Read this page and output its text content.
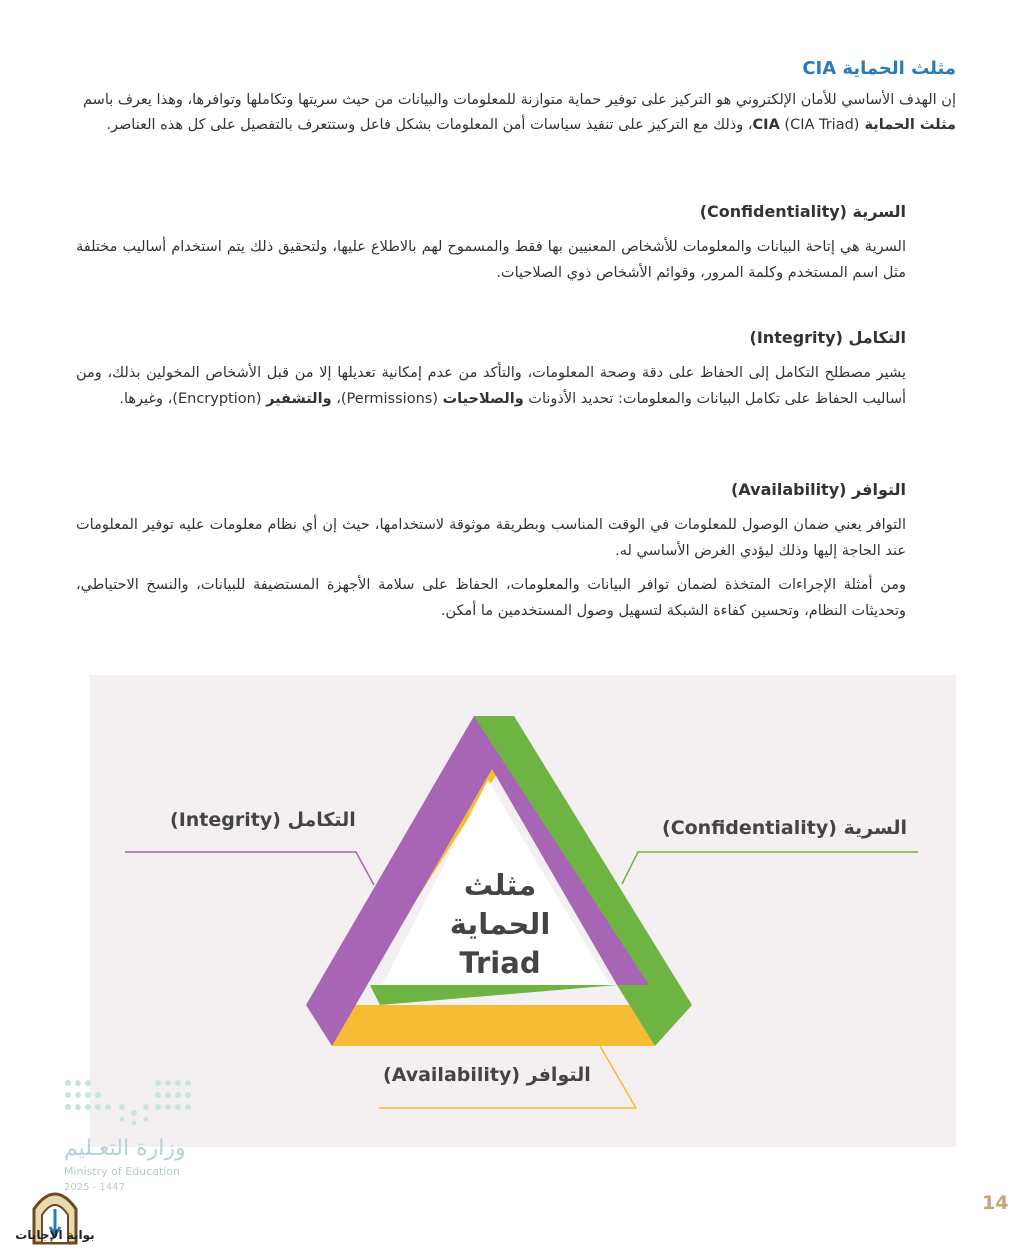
مثلث الحماية CIA
إن الهدف الأساسي للأمان الإلكتروني هو التركيز على توفير حماية متوازنة للمعلومات والبيانات من حيث سريتها وتكاملها وتوافرها، وهذا يعرف باسم مثلث الحماية CIA (CIA Triad)، وذلك مع التركيز على تنفيذ سياسات أمن المعلومات بشكل فاعل وستتعرف بالتفصيل على كل هذه العناصر.
السرية (Confidentiality)
السرية هي إتاحة البيانات والمعلومات للأشخاص المعنيين بها فقط والمسموح لهم بالاطلاع عليها، ولتحقيق ذلك يتم استخدام أساليب مختلفة مثل اسم المستخدم وكلمة المرور، وقوائم الأشخاص ذوي الصلاحيات.
التكامل (Integrity)
يشير مصطلح التكامل إلى الحفاظ على دقة وصحة المعلومات، والتأكد من عدم إمكانية تعديلها إلا من قبل الأشخاص المخولين بذلك، ومن أساليب الحفاظ على تكامل البيانات والمعلومات: تحديد الأذونات والصلاحيات (Permissions)، والتشفير (Encryption)، وغيرها.
التوافر (Availability)
التوافر يعني ضمان الوصول للمعلومات في الوقت المناسب وبطريقة موثوقة لاستخدامها، حيث إن أي نظام معلومات عليه توفير المعلومات عند الحاجة إليها وذلك ليؤدي الغرض الأساسي له.
ومن أمثلة الإجراءات المتخذة لضمان توافر البيانات والمعلومات، الحفاظ على سلامة الأجهزة المستضيفة للبيانات، والنسخ الاحتياطي، وتحديثات النظام، وتحسين كفاءة الشبكة لتسهيل وصول المستخدمين ما أمكن.
التكامل (Integrity)	السرية (Confidentiality)
التوافر (Availability)
مثلث
الحماية
Triad
وزارة التعـليم
Ministry of Education
2025 - 1447
بوابة الإجابات
14
